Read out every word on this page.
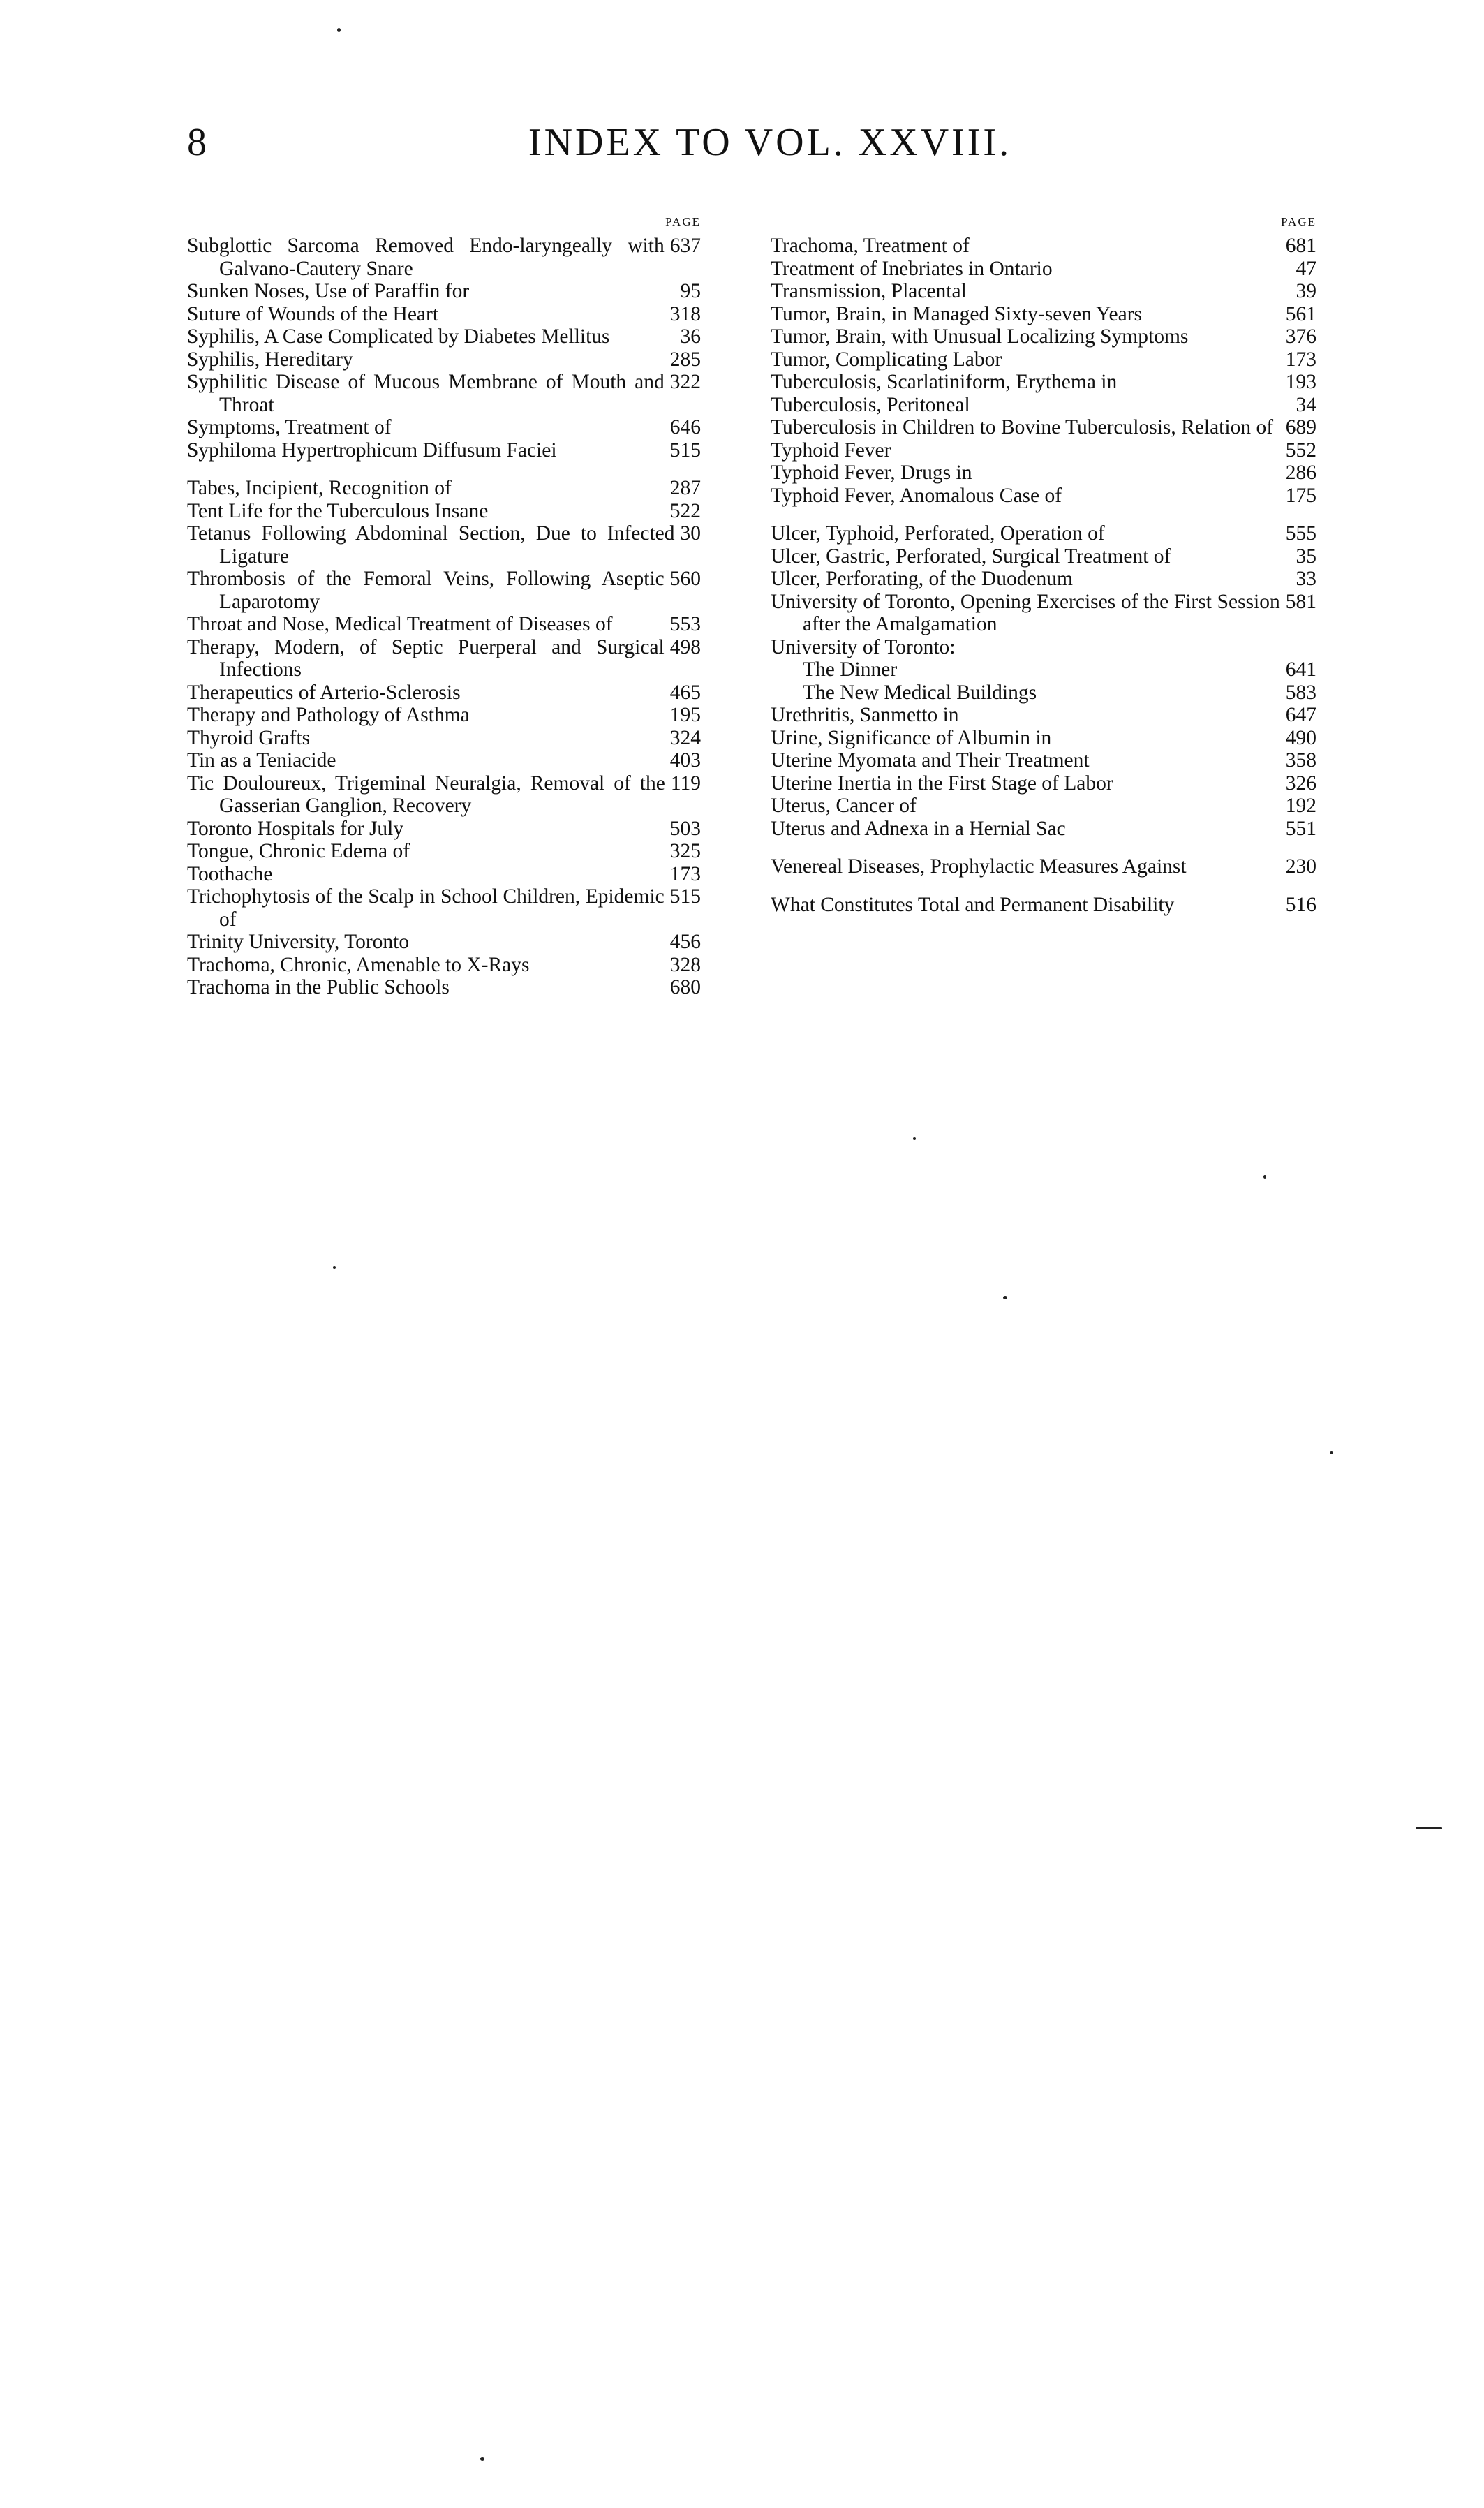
8	INDEX TO VOL. XXVIII.
PAGE
637
Subglottic Sarcoma Removed Endo-laryngeally with Galvano-Cautery Snare
95
Sunken Noses, Use of Paraffin for
318
Suture of Wounds of the Heart
36
Syphilis, A Case Complicated by Diabetes Mellitus
285
Syphilis, Hereditary
322
Syphilitic Disease of Mucous Membrane of Mouth and Throat
646
Symptoms, Treatment of
515
Syphiloma Hypertrophicum Diffusum Faciei
287
Tabes, Incipient, Recognition of
522
Tent Life for the Tuberculous Insane
30
Tetanus Following Abdominal Section, Due to Infected Ligature
560
Thrombosis of the Femoral Veins, Following Aseptic Laparotomy
553
Throat and Nose, Medical Treatment of Diseases of
498
Therapy, Modern, of Septic Puerperal and Surgical Infections
465
Therapeutics of Arterio-Sclerosis
195
Therapy and Pathology of Asthma
324
Thyroid Grafts
403
Tin as a Teniacide
119
Tic Douloureux, Trigeminal Neuralgia, Removal of the Gasserian Ganglion, Recovery
503
Toronto Hospitals for July
325
Tongue, Chronic Edema of
173
Toothache
515
Trichophytosis of the Scalp in School Children, Epidemic of
456
Trinity University, Toronto
328
Trachoma, Chronic, Amenable to X-Rays
680
Trachoma in the Public Schools
PAGE
681
Trachoma, Treatment of
47
Treatment of Inebriates in Ontario
39
Transmission, Placental
561
Tumor, Brain, in Managed Sixty-seven Years
376
Tumor, Brain, with Unusual Localizing Symptoms
173
Tumor, Complicating Labor
193
Tuberculosis, Scarlatiniform, Erythema in
34
Tuberculosis, Peritoneal
689
Tuberculosis in Children to Bovine Tuberculosis, Relation of
552
Typhoid Fever
286
Typhoid Fever, Drugs in
175
Typhoid Fever, Anomalous Case of
555
Ulcer, Typhoid, Perforated, Operation of
35
Ulcer, Gastric, Perforated, Surgical Treatment of
33
Ulcer, Perforating, of the Duodenum
581
University of Toronto, Opening Exercises of the First Session after the Amalgamation
University of Toronto:
641
The Dinner
583
The New Medical Buildings
647
Urethritis, Sanmetto in
490
Urine, Significance of Albumin in
358
Uterine Myomata and Their Treatment
326
Uterine Inertia in the First Stage of Labor
192
Uterus, Cancer of
551
Uterus and Adnexa in a Hernial Sac
230
Venereal Diseases, Prophylactic Measures Against
516
What Constitutes Total and Permanent Disability
